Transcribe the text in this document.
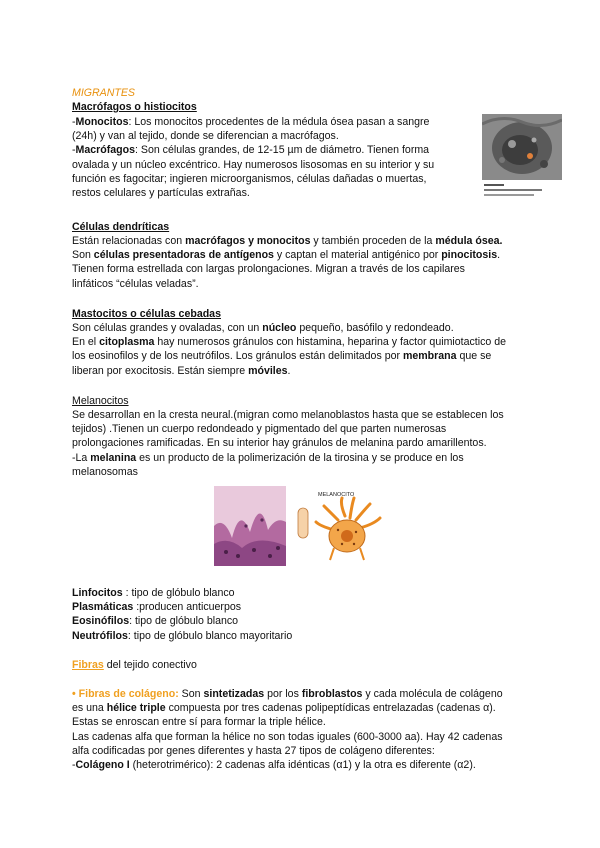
MIGRANTES
Macrófagos o histiocitos
-Monocitos: Los monocitos procedentes de la médula ósea pasan a sangre
(24h) y van al tejido, donde se diferencian a macrófagos.
-Macrófagos: Son células grandes, de 12-15 µm de diámetro. Tienen forma
ovalada y un núcleo excéntrico. Hay numerosos lisosomas en su interior y su
función es fagocitar; ingieren microorganismos, células dañadas o muertas,
restos celulares y partículas extrañas.
Células dendríticas
Están relacionadas con macrófagos y monocitos y también proceden de la médula ósea.
Son células presentadoras de antígenos y captan el material antigénico por pinocitosis.
Tienen forma estrellada con largas prolongaciones. Migran a través de los capilares
linfáticos “células veladas”.
Mastocitos o células cebadas
Son células grandes y ovaladas, con un núcleo pequeño, basófilo y redondeado.
En el citoplasma hay numerosos gránulos con histamina, heparina y factor quimiotactico de
los eosinofilos y de los neutrófilos. Los gránulos están delimitados por membrana que se
liberan por exocitosis. Están siempre móviles.
Melanocitos
Se desarrollan en la cresta neural.(migran como melanoblastos hasta que se establecen los
tejidos) .Tienen un cuerpo redondeado y pigmentado del que parten numerosas
prolongaciones ramificadas. En su interior hay gránulos de melanina pardo amarillentos.
-La melanina es un producto de la polimerización de la tirosina y se produce en los
melanosomas
MELANOCITO
Linfocitos : tipo de glóbulo blanco
Plasmáticas :producen anticuerpos
Eosinófilos: tipo de glóbulo blanco
Neutrófilos: tipo de glóbulo blanco mayoritario
Fibras del tejido conectivo
• Fibras de colágeno: Son sintetizadas por los fibroblastos y cada molécula de colágeno
es una hélice triple compuesta por tres cadenas polipeptídicas entrelazadas (cadenas α).
Estas se enroscan entre sí para formar la triple hélice.
Las cadenas alfa que forman la hélice no son todas iguales (600-3000 aa). Hay 42 cadenas
alfa codificadas por genes diferentes y hasta 27 tipos de colágeno diferentes:
-Colágeno I (heterotrimérico): 2 cadenas alfa idénticas (α1) y la otra es diferente (α2).
